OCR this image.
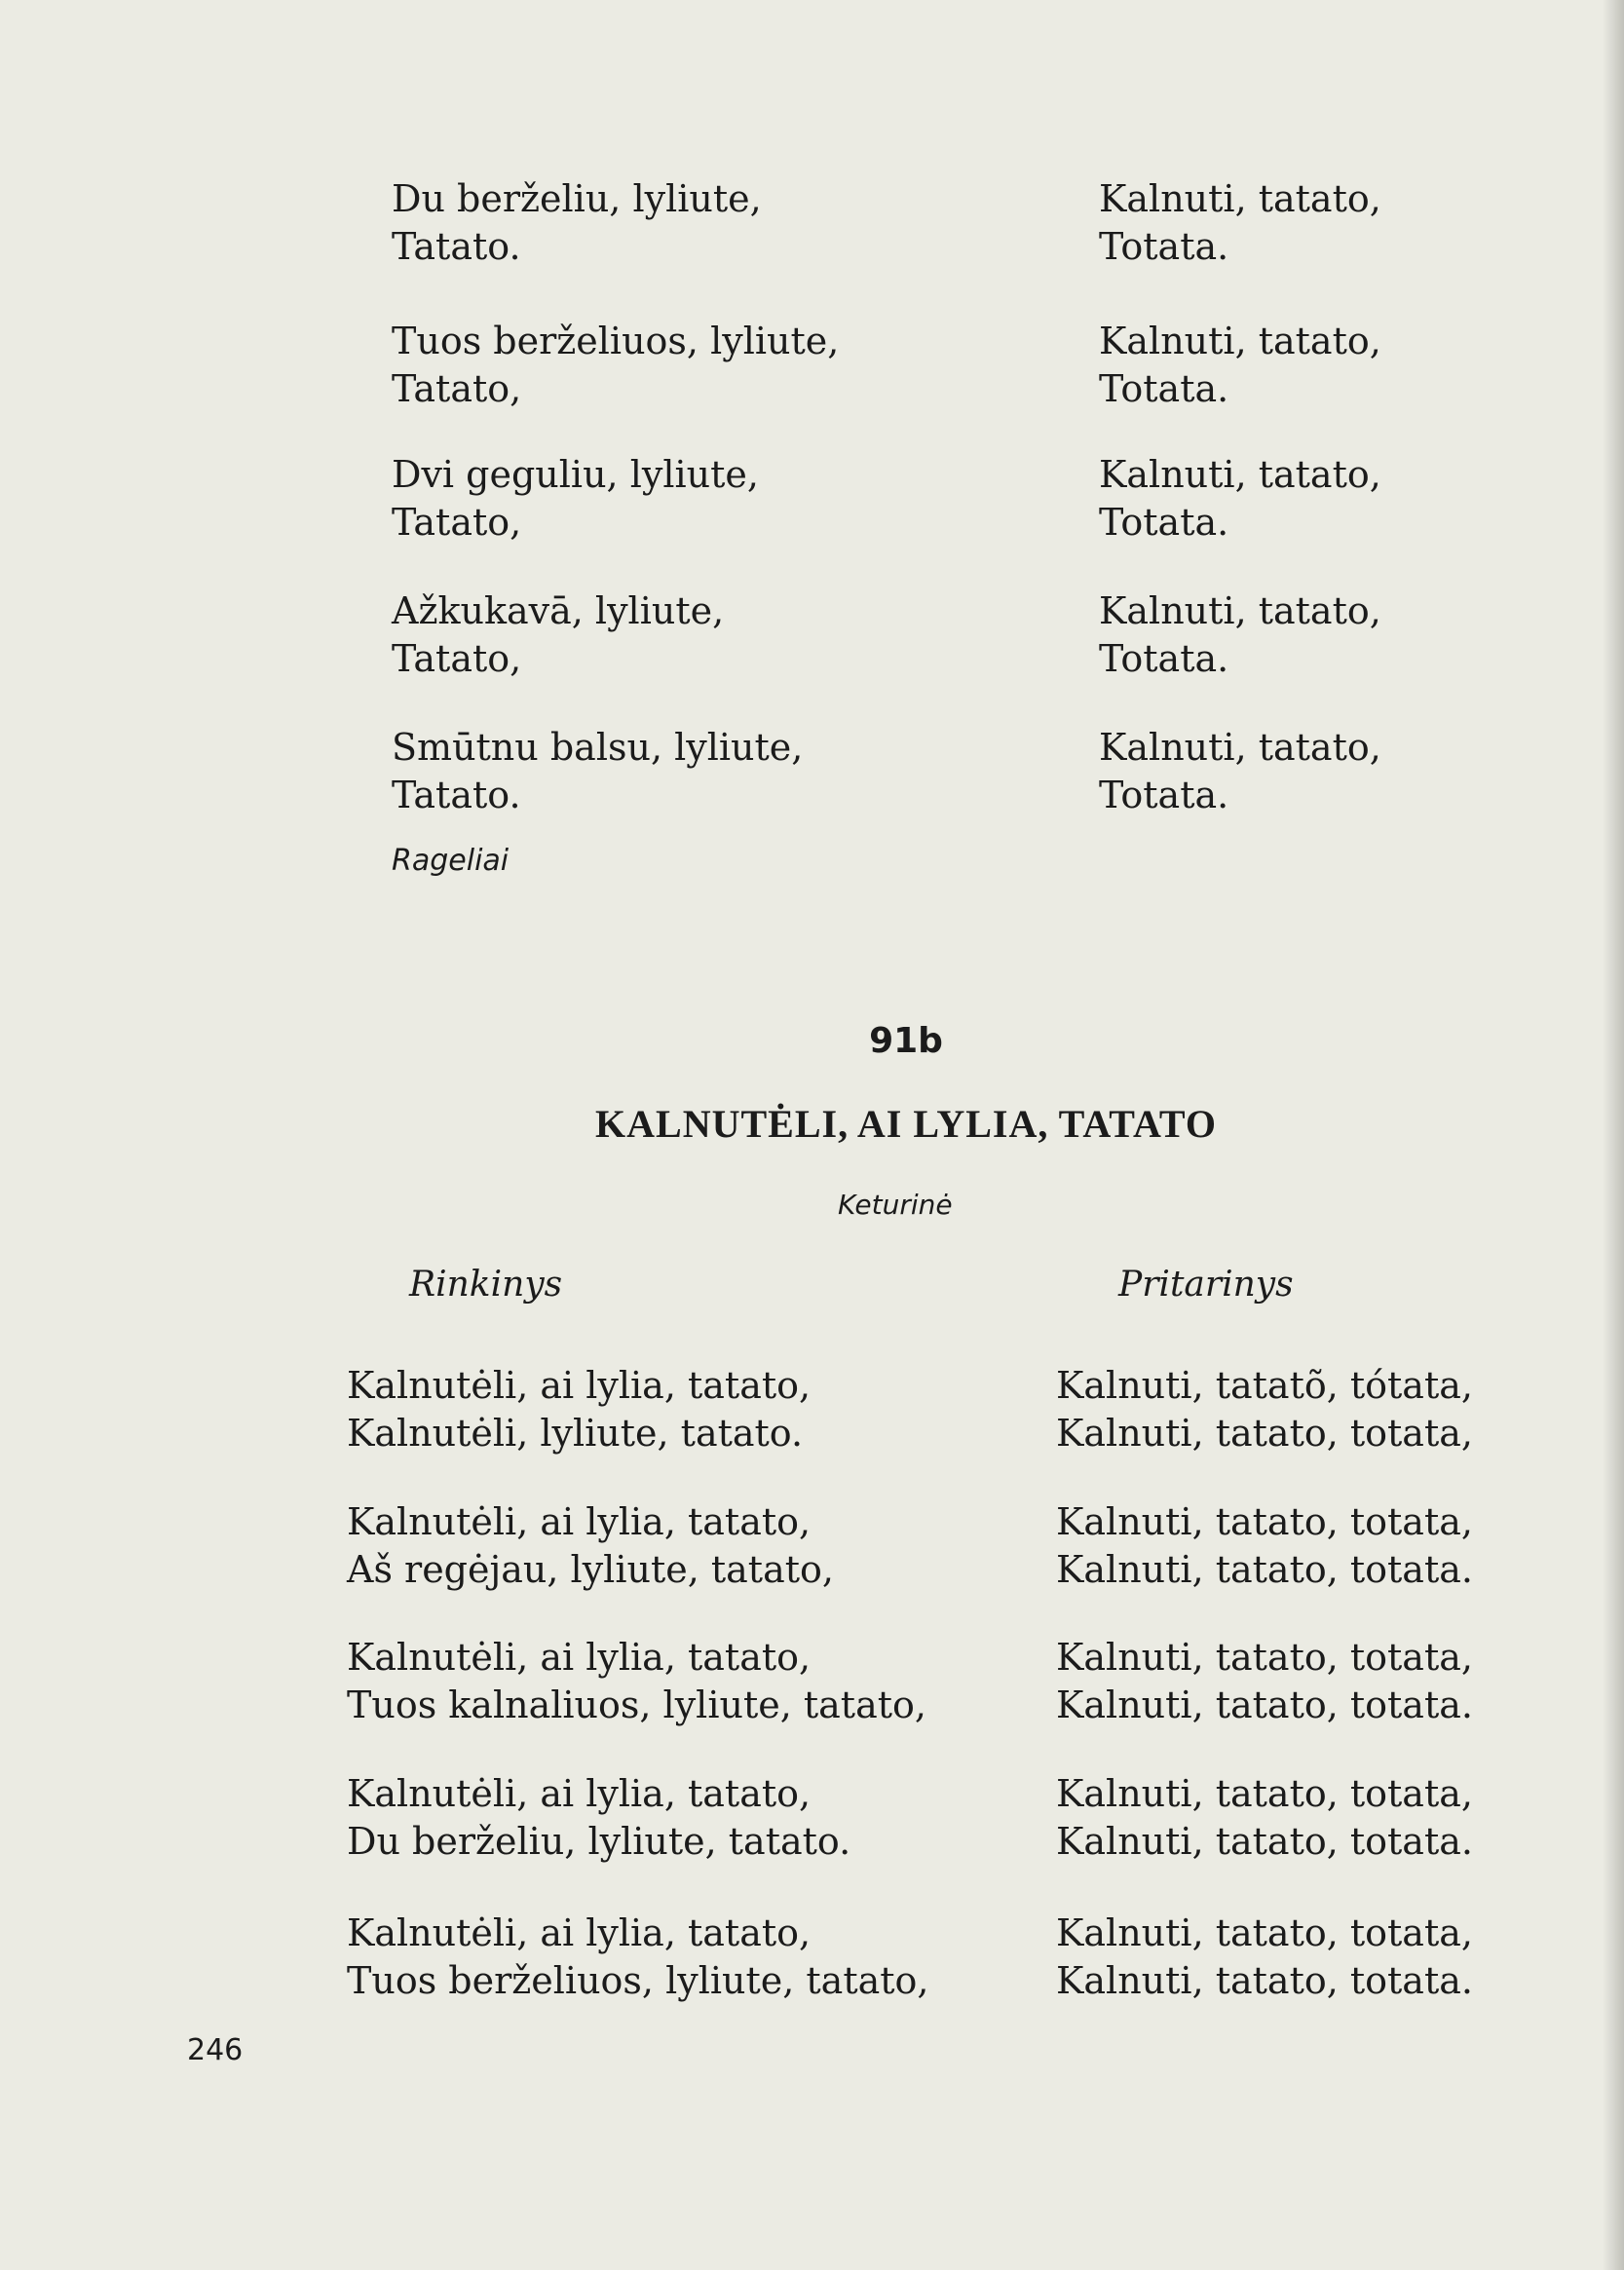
Du berželiu, lyliute,
Tatato.
Kalnuti, tatato,
Totata.
Tuos berželiuos, lyliute,
Tatato,
Kalnuti, tatato,
Totata.
Dvi geguliu, lyliute,
Tatato,
Kalnuti, tatato,
Totata.
Ažkukavā, lyliute,
Tatato,
Kalnuti, tatato,
Totata.
Smūtnu balsu, lyliute,
Tatato.
Kalnuti, tatato,
Totata.
Rageliai
91b
KALNUTĖLI, AI LYLIA, TATATO
Keturinė
Rinkinys	Pritarinys
Kalnutėli, ai lylia, tatato,
Kalnutėli, lyliute, tatato.
Kalnuti, tatatõ, tótata,
Kalnuti, tatato, totata,
Kalnutėli, ai lylia, tatato,
Aš regėjau, lyliute, tatato,
Kalnuti, tatato, totata,
Kalnuti, tatato, totata.
Kalnutėli, ai lylia, tatato,
Tuos kalnaliuos, lyliute, tatato,
Kalnuti, tatato, totata,
Kalnuti, tatato, totata.
Kalnutėli, ai lylia, tatato,
Du berželiu, lyliute, tatato.
Kalnuti, tatato, totata,
Kalnuti, tatato, totata.
Kalnutėli, ai lylia, tatato,
Tuos berželiuos, lyliute, tatato,
Kalnuti, tatato, totata,
Kalnuti, tatato, totata.
246
